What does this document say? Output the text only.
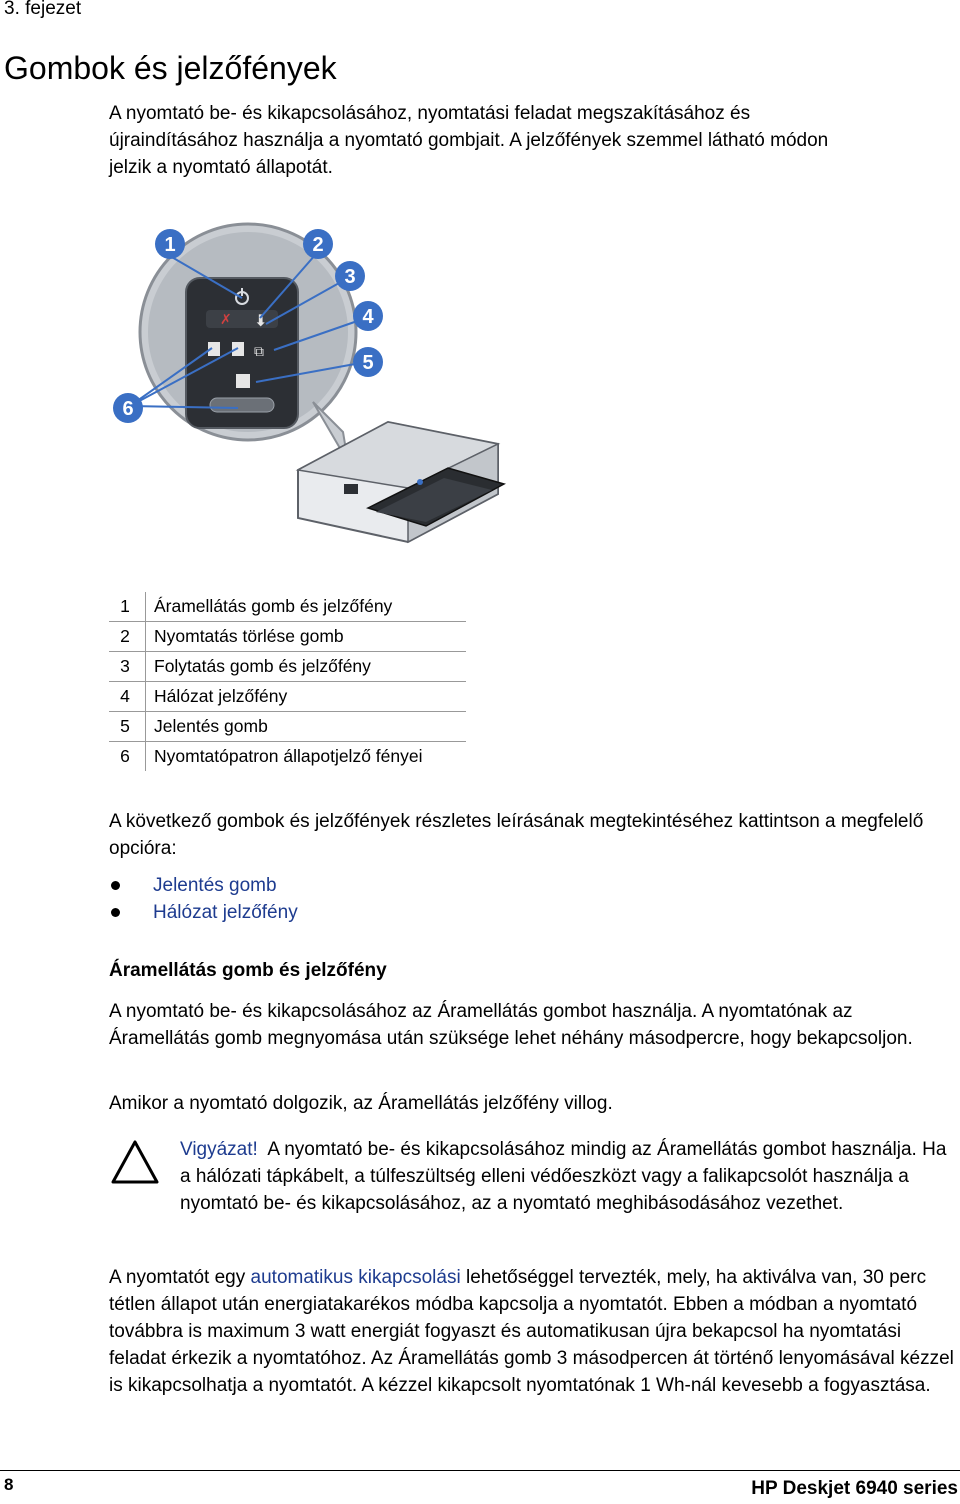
3. fejezet
Gombok és jelzőfények

A nyomtató be- és kikapcsolásához, nyomtatási feladat megszakításához és újraindításához használja a nyomtató gombjait. A jelzőfények szemmel látható módon jelzik a nyomtató állapotát.

✗ ⬇
⧉
1	2
3
4
5
6
1	Áramellátás gomb és jelzőfény
2	Nyomtatás törlése gomb
3	Folytatás gomb és jelzőfény
4	Hálózat jelzőfény
5	Jelentés gomb
6	Nyomtatópatron állapotjelző fényei

A következő gombok és jelzőfények részletes leírásának megtekintéséhez kattintson a megfelelő opcióra:

Jelentés gomb
Hálózat jelzőfény
Áramellátás gomb és jelzőfény

A nyomtató be- és kikapcsolásához az Áramellátás gombot használja. A nyomtatónak az Áramellátás gomb megnyomása után szüksége lehet néhány másodpercre, hogy bekapcsoljon.

Amikor a nyomtató dolgozik, az Áramellátás jelzőfény villog.

Vigyázat! A nyomtató be- és kikapcsolásához mindig az Áramellátás gombot használja. Ha a hálózati tápkábelt, a túlfeszültség elleni védőeszközt vagy a falikapcsolót használja a nyomtató be- és kikapcsolásához, az a nyomtató meghibásodásához vezethet.

A nyomtatót egy automatikus kikapcsolási lehetőséggel tervezték, mely, ha aktiválva van, 30 perc tétlen állapot után energiatakarékos módba kapcsolja a nyomtatót. Ebben a módban a nyomtató továbbra is maximum 3 watt energiát fogyaszt és automatikusan újra bekapcsol ha nyomtatási feladat érkezik a nyomtatóhoz. Az Áramellátás gomb 3 másodpercen át történő lenyomásával kézzel is kikapcsolhatja a nyomtatót. A kézzel kikapcsolt nyomtatónak 1 Wh-nál kevesebb a fogyasztása.

8	HP Deskjet 6940 series
